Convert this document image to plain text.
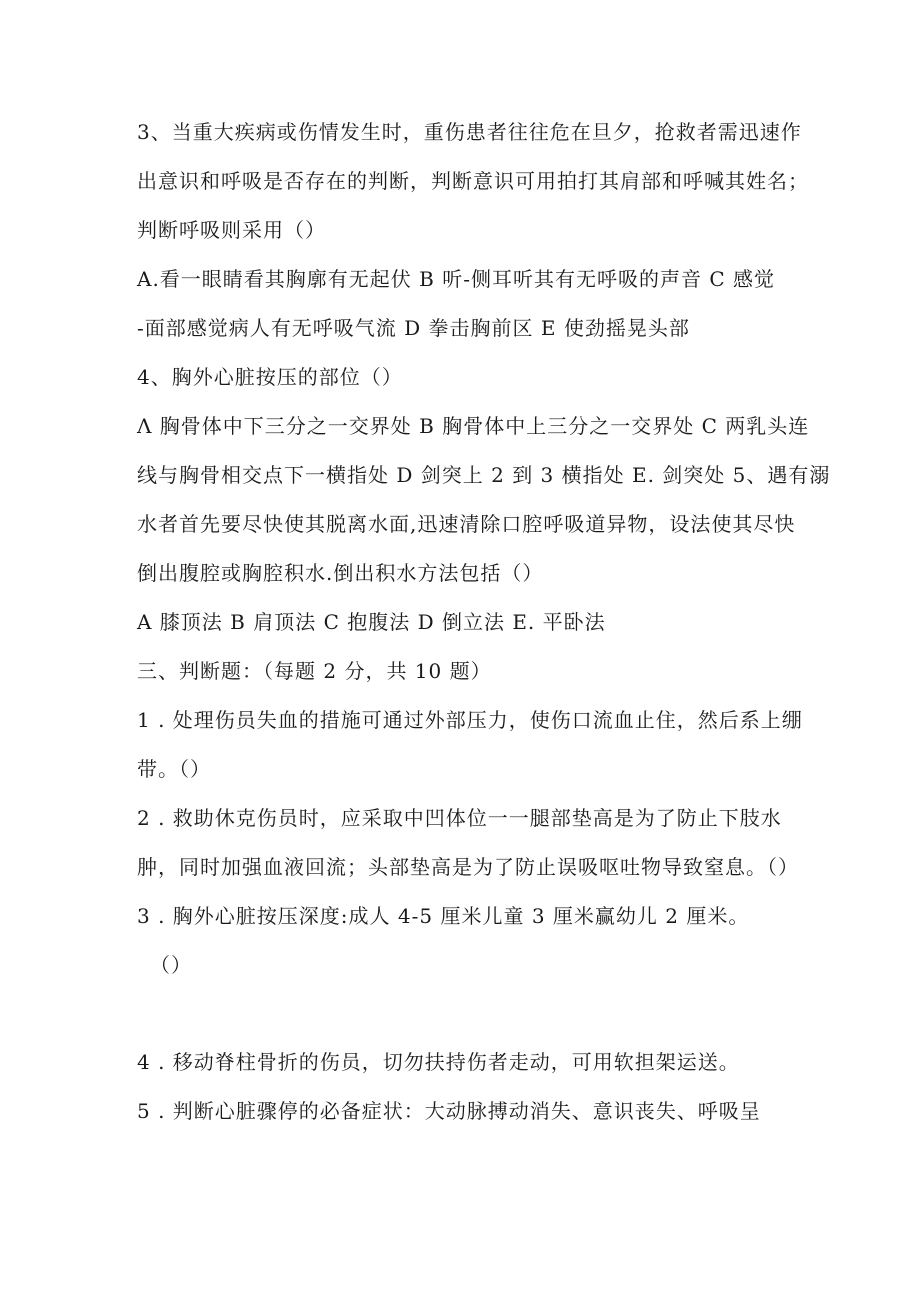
3、当重大疾病或伤情发生时，重伤患者往往危在旦夕，抢救者需迅速作
出意识和呼吸是否存在的判断，判断意识可用拍打其肩部和呼喊其姓名；
判断呼吸则采用（）
A.看一眼睛看其胸廓有无起伏 B 听-侧耳听其有无呼吸的声音 C 感觉
-面部感觉病人有无呼吸气流 D 拳击胸前区 E 使劲摇晃头部
4、胸外心脏按压的部位（）
Λ 胸骨体中下三分之一交界处 B 胸骨体中上三分之一交界处 C 两乳头连
线与胸骨相交点下一横指处 D 剑突上 2 到 3 横指处 E. 剑突处 5、遇有溺
水者首先要尽快使其脱离水面,迅速清除口腔呼吸道异物，设法使其尽快
倒出腹腔或胸腔积水.倒出积水方法包括（）
A 膝顶法 B 肩顶法 C 抱腹法 D 倒立法 E. 平卧法
三、判断题：（每题 2 分，共 10 题）
1 . 处理伤员失血的措施可通过外部压力，使伤口流血止住，然后系上绷
带。（）
2 . 救助休克伤员时，应采取中凹体位一一腿部垫高是为了防止下肢水
肿，同时加强血液回流；头部垫高是为了防止误吸呕吐物导致窒息。（）
3 . 胸外心脏按压深度:成人 4-5 厘米儿童 3 厘米赢幼儿 2 厘米。
（）
4 . 移动脊柱骨折的伤员，切勿扶持伤者走动，可用软担架运送。
5 . 判断心脏骤停的必备症状：大动脉搏动消失、意识丧失、呼吸呈
